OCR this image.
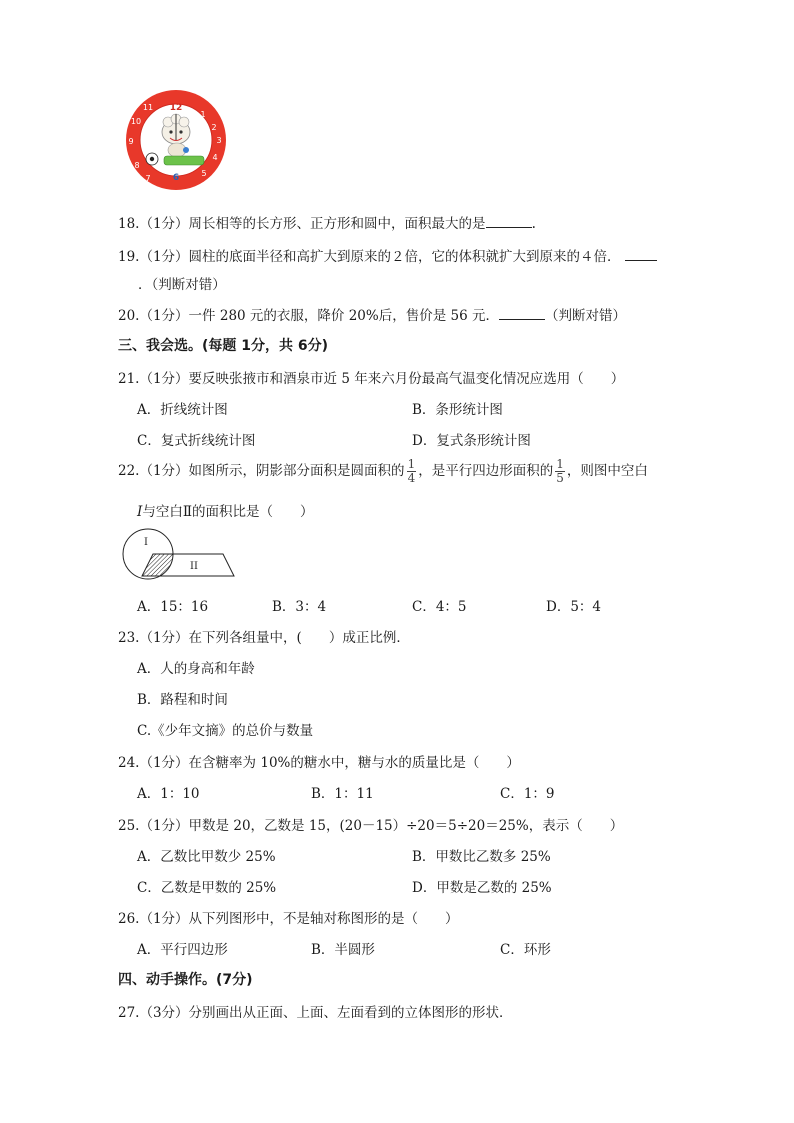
1
2
3
4
5
7
8
9
10
11 12
6
18.（1分）周长相等的长方形、正方形和圆中，面积最大的是	.
19.（1分）圆柱的底面半径和高扩大到原来的２倍，它的体积就扩大到原来的４倍．
．（判断对错）
20.（1分）一件 280 元的衣服，降价 20%后，售价是 56 元．	（判断对错）
三、我会选。(每题 1分，共 6分)
21.（1分）要反映张掖市和酒泉市近 5 年来六月份最高气温变化情况应选用（　　）
A．折线统计图	B．条形统计图
C．复式折线统计图	D．复式条形统计图
22.（1分）如图所示，阴影部分面积是圆面积的 $\frac{1}{4}$ ，是平行四边形面积的 $\frac{1}{5}$ ，则图中空白
I与空白Ⅱ的面积比是（　　）
I
II
A．15：16	B．3：4	C．4：5	D．5：4
23.（1分）在下列各组量中，(　　）成正比例．
A．人的身高和年龄
B．路程和时间
C.《少年文摘》的总价与数量
24.（1分）在含糖率为 10%的糖水中，糖与水的质量比是（　　）
A．1：10	B．1：11	C．1：9
25.（1分）甲数是 20，乙数是 15，(20－15）÷20＝5÷20＝25%，表示（　　）
A．乙数比甲数少 25%	B．甲数比乙数多 25%
C．乙数是甲数的 25%	D．甲数是乙数的 25%
26.（1分）从下列图形中，不是轴对称图形的是（　　）
A．平行四边形	B．半圆形	C．环形
四、动手操作。(7分)
27.（3分）分别画出从正面、上面、左面看到的立体图形的形状．
